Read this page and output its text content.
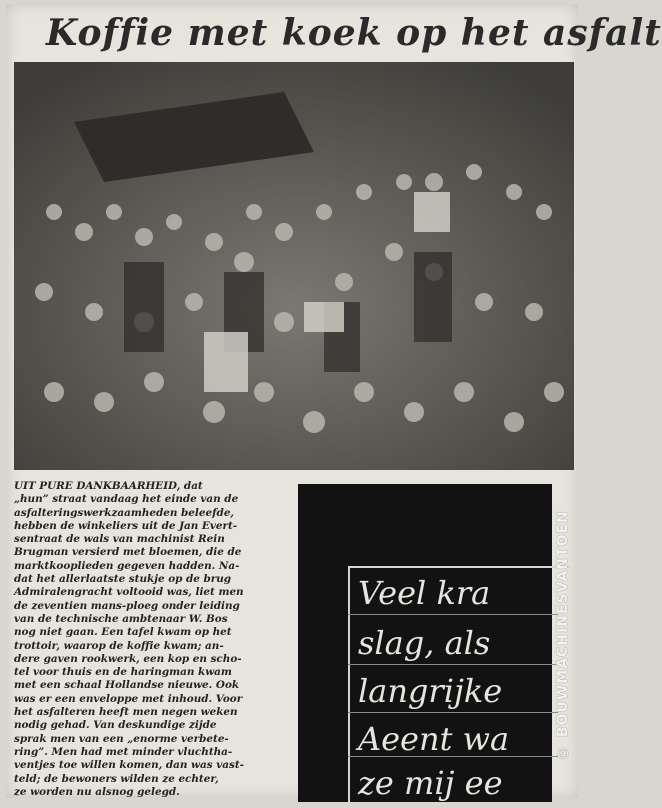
Koffie met koek op het asfalt
UIT PURE DANKBAARHEID, dat
„hun” straat vandaag het einde van de
asfalteringswerkzaamheden beleefde,
hebben de winkeliers uit de Jan Evert-
sentraat de wals van machinist Rein
Brugman versierd met bloemen, die de
marktkooplieden gegeven hadden. Na-
dat het allerlaatste stukje op de brug
Admiralengracht voltooid was, liet men
de zeventien mans-ploeg onder leiding
van de technische ambtenaar W. Bos
nog niet gaan. Een tafel kwam op het
trottoir, waarop de koffie kwam; an-
dere gaven rookwerk, een kop en scho-
tel voor thuis en de haringman kwam
met een schaal Hollandse nieuwe. Ook
was er een enveloppe met inhoud. Voor
het asfalteren heeft men negen weken
nodig gehad. Van deskundige zijde
sprak men van een „enorme verbete-
ring”. Men had met minder vluchtha-
ventjes toe willen komen, dan was vast-
teld; de bewoners wilden ze echter,
ze worden nu alsnog gelegd.
Veel kra
slag, als
langrijke
Aeent wa
ze mij ee
© BOUWMACHINESVANTOEN
